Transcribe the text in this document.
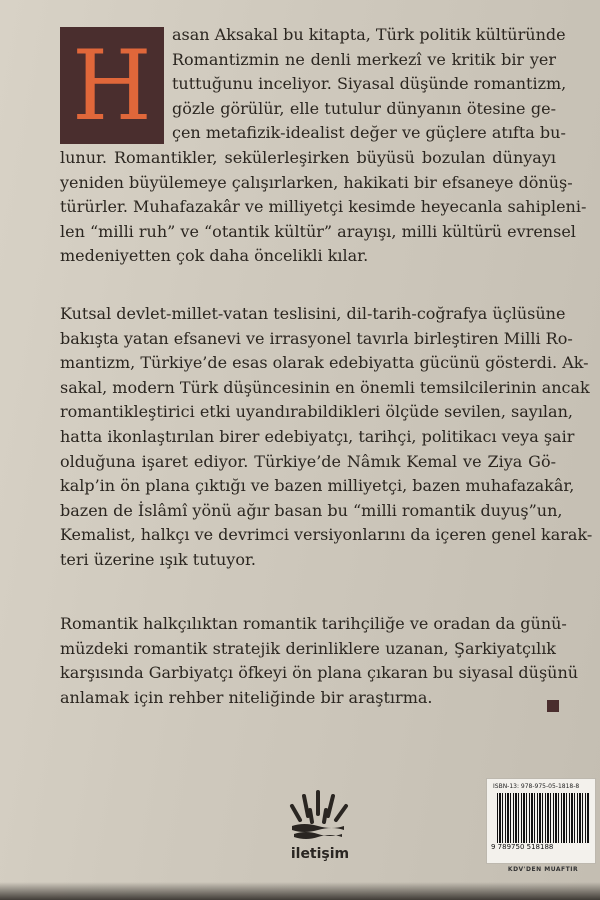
H	asan Aksakal bu kitapta, Türk politik kültüründe
Romantizmin ne denli merkezî ve kritik bir yer
tuttuğunu inceliyor. Siyasal düşünde romantizm,
gözle görülür, elle tutulur dünyanın ötesine ge-
çen metafizik-idealist değer ve güçlere atıfta bu-
lunur. Romantikler, sekülerleşirken büyüsü bozulan dünyayı
yeniden büyülemeye çalışırlarken, hakikati bir efsaneye dönüş-
türürler. Muhafazakâr ve milliyetçi kesimde heyecanla sahipleni-
len “milli ruh” ve “otantik kültür” arayışı, milli kültürü evrensel
medeniyetten çok daha öncelikli kılar.

Kutsal devlet-millet-vatan teslisini, dil-tarih-coğrafya üçlüsüne
bakışta yatan efsanevi ve irrasyonel tavırla birleştiren Milli Ro-
mantizm, Türkiye’de esas olarak edebiyatta gücünü gösterdi. Ak-
sakal, modern Türk düşüncesinin en önemli temsilcilerinin ancak
romantikleştirici etki uyandırabildikleri ölçüde sevilen, sayılan,
hatta ikonlaştırılan birer edebiyatçı, tarihçi, politikacı veya şair
olduğuna işaret ediyor. Türkiye’de Nâmık Kemal ve Ziya Gö-
kalp’in ön plana çıktığı ve bazen milliyetçi, bazen muhafazakâr,
bazen de İslâmî yönü ağır basan bu “milli romantik duyuş”un,
Kemalist, halkçı ve devrimci versiyonlarını da içeren genel karak-
teri üzerine ışık tutuyor.

Romantik halkçılıktan romantik tarihçiliğe ve oradan da günü-
müzdeki romantik stratejik derinliklere uzanan, Şarkiyatçılık
karşısında Garbiyatçı öfkeyi ön plana çıkaran bu siyasal düşünü
anlamak için rehber niteliğinde bir araştırma.

iletişim
ISBN-13: 978-975-05-1818-8
9 789750 518188
KDV'DEN MUAFTIR
